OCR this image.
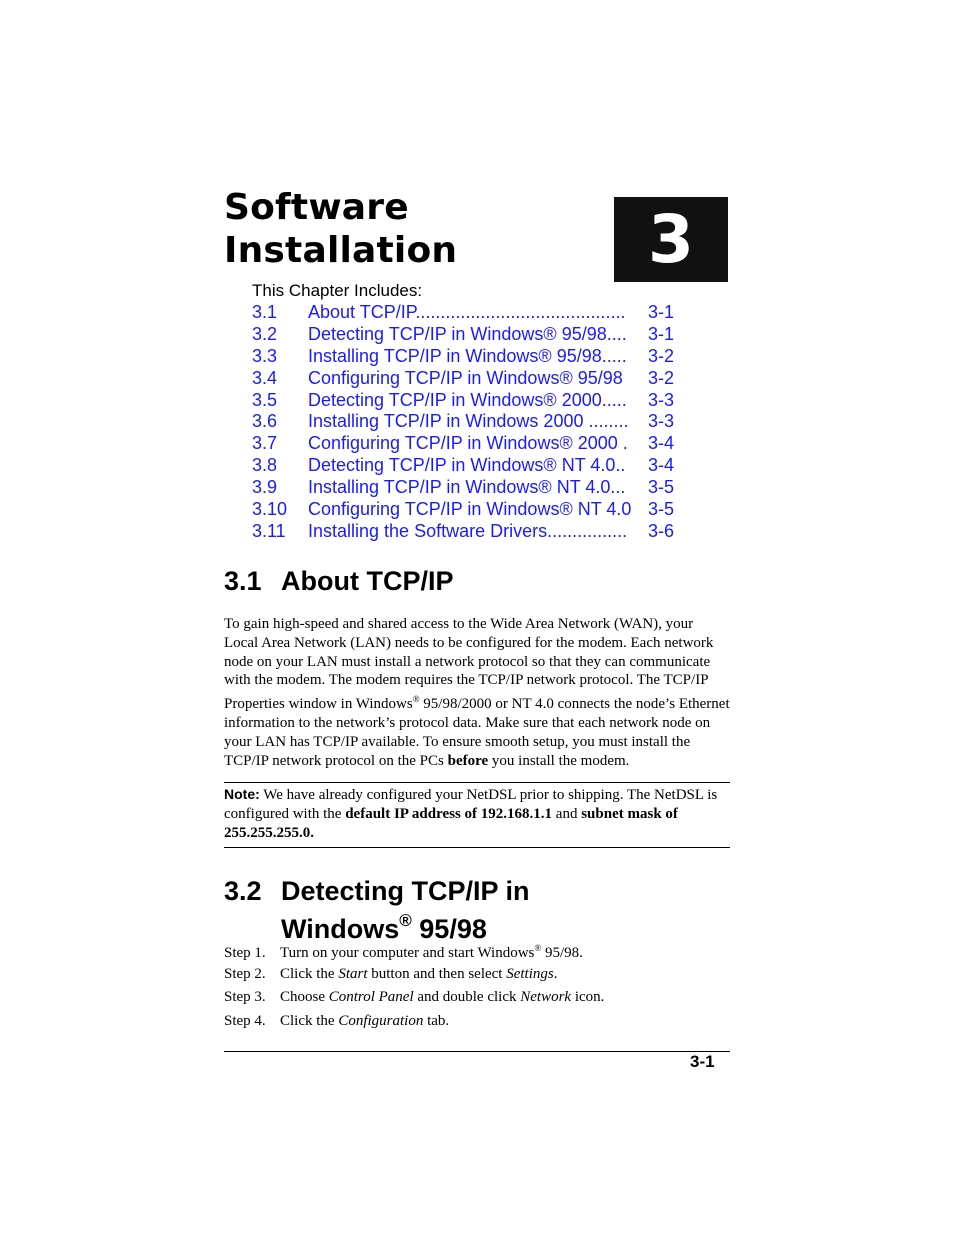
Software
Installation	3
This Chapter Includes:
3.1	About TCP/IP..........................................	3-1
3.2	Detecting TCP/IP in Windows® 95/98....	3-1
3.3	Installing TCP/IP in Windows® 95/98.....	3-2
3.4	Configuring TCP/IP in Windows® 95/98	3-2
3.5	Detecting TCP/IP in Windows® 2000.....	3-3
3.6	Installing TCP/IP in Windows 2000 ........	3-3
3.7	Configuring TCP/IP in Windows® 2000 .	3-4
3.8	Detecting TCP/IP in Windows® NT 4.0..	3-4
3.9	Installing TCP/IP in Windows® NT 4.0...	3-5
3.10	Configuring TCP/IP in Windows® NT 4.0 3-5
3.11	Installing the Software Drivers................	3-6
3.1 About TCP/IP
To gain high-speed and shared access to the Wide Area Network (WAN), your Local Area Network (LAN) needs to be configured for the modem. Each network node on your LAN must install a network protocol so that they can communicate with the modem. The modem requires the TCP/IP network protocol. The TCP/IP Properties window in Windows® 95/98/2000 or NT 4.0 connects the node’s Ethernet information to the network’s protocol data. Make sure that each network node on your LAN has TCP/IP available. To ensure smooth setup, you must install the TCP/IP network protocol on the PCs before you install the modem.
Note: We have already configured your NetDSL prior to shipping. The NetDSL is configured with the default IP address of 192.168.1.1 and subnet mask of 255.255.255.0.
3.2 Detecting TCP/IP in
Windows® 95/98
Step 1. Turn on your computer and start Windows® 95/98.
Step 2. Click the Start button and then select Settings.
Step 3. Choose Control Panel and double click Network icon.
Step 4. Click the Configuration tab.
3-1
